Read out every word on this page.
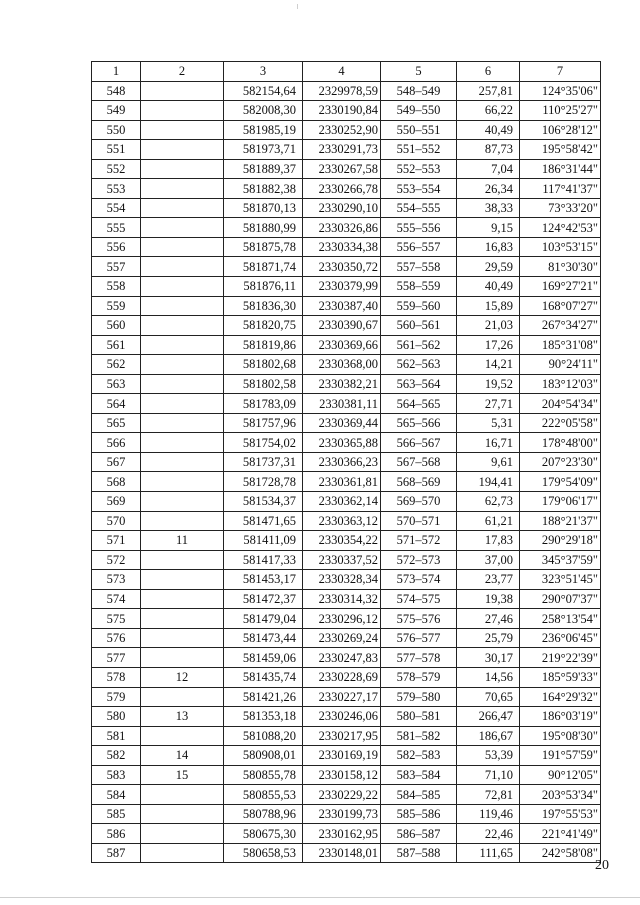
1	2	3	4	5	6	7
548		582154,64	2329978,59	548–549	257,81	124°35'06"
549		582008,30	2330190,84	549–550	66,22	110°25'27"
550		581985,19	2330252,90	550–551	40,49	106°28'12"
551		581973,71	2330291,73	551–552	87,73	195°58'42"
552		581889,37	2330267,58	552–553	7,04	186°31'44"
553		581882,38	2330266,78	553–554	26,34	117°41'37"
554		581870,13	2330290,10	554–555	38,33	73°33'20"
555		581880,99	2330326,86	555–556	9,15	124°42'53"
556		581875,78	2330334,38	556–557	16,83	103°53'15"
557		581871,74	2330350,72	557–558	29,59	81°30'30"
558		581876,11	2330379,99	558–559	40,49	169°27'21"
559		581836,30	2330387,40	559–560	15,89	168°07'27"
560		581820,75	2330390,67	560–561	21,03	267°34'27"
561		581819,86	2330369,66	561–562	17,26	185°31'08"
562		581802,68	2330368,00	562–563	14,21	90°24'11"
563		581802,58	2330382,21	563–564	19,52	183°12'03"
564		581783,09	2330381,11	564–565	27,71	204°54'34"
565		581757,96	2330369,44	565–566	5,31	222°05'58"
566		581754,02	2330365,88	566–567	16,71	178°48'00"
567		581737,31	2330366,23	567–568	9,61	207°23'30"
568		581728,78	2330361,81	568–569	194,41	179°54'09"
569		581534,37	2330362,14	569–570	62,73	179°06'17"
570		581471,65	2330363,12	570–571	61,21	188°21'37"
571	11	581411,09	2330354,22	571–572	17,83	290°29'18"
572		581417,33	2330337,52	572–573	37,00	345°37'59"
573		581453,17	2330328,34	573–574	23,77	323°51'45"
574		581472,37	2330314,32	574–575	19,38	290°07'37"
575		581479,04	2330296,12	575–576	27,46	258°13'54"
576		581473,44	2330269,24	576–577	25,79	236°06'45"
577		581459,06	2330247,83	577–578	30,17	219°22'39"
578	12	581435,74	2330228,69	578–579	14,56	185°59'33"
579		581421,26	2330227,17	579–580	70,65	164°29'32"
580	13	581353,18	2330246,06	580–581	266,47	186°03'19"
581		581088,20	2330217,95	581–582	186,67	195°08'30"
582	14	580908,01	2330169,19	582–583	53,39	191°57'59"
583	15	580855,78	2330158,12	583–584	71,10	90°12'05"
584		580855,53	2330229,22	584–585	72,81	203°53'34"
585		580788,96	2330199,73	585–586	119,46	197°55'53"
586		580675,30	2330162,95	586–587	22,46	221°41'49"
587		580658,53	2330148,01	587–588	111,65	242°58'08"
20
